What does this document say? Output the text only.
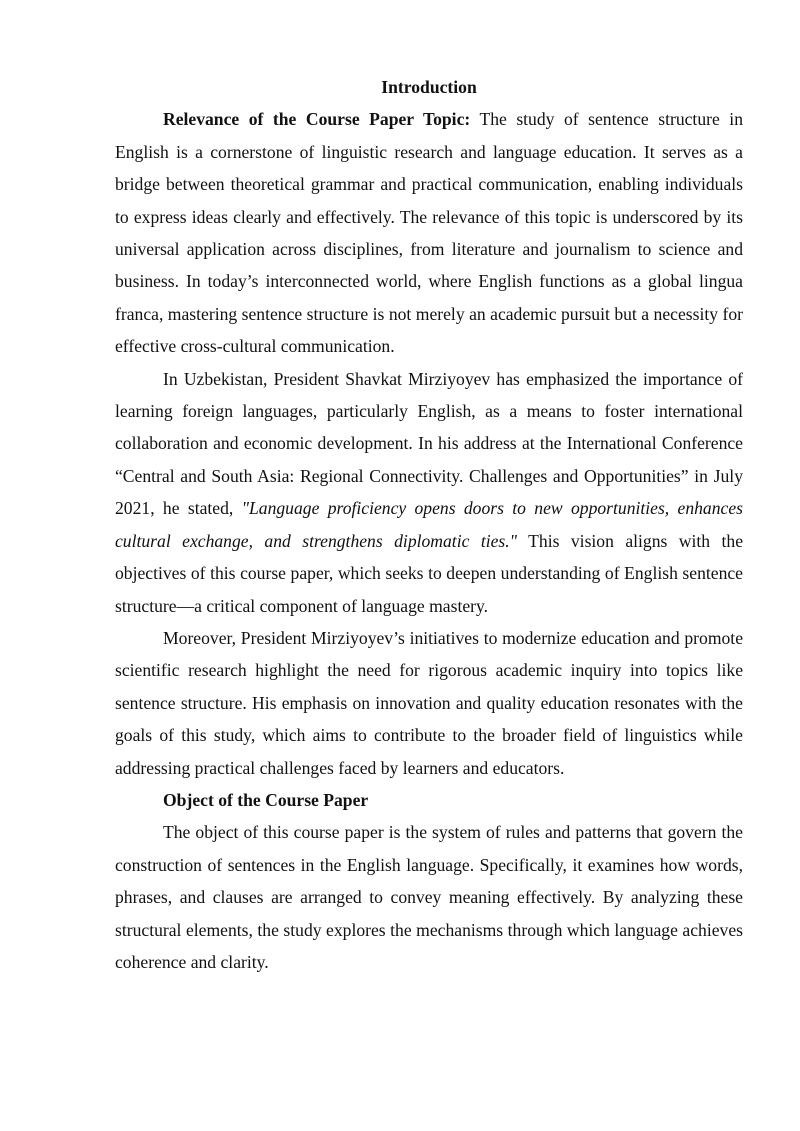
Introduction

Relevance of the Course Paper Topic: The study of sentence structure in English is a cornerstone of linguistic research and language education. It serves as a bridge between theoretical grammar and practical communication, enabling individuals to express ideas clearly and effectively. The relevance of this topic is underscored by its universal application across disciplines, from literature and journalism to science and business. In today’s interconnected world, where English functions as a global lingua franca, mastering sentence structure is not merely an academic pursuit but a necessity for effective cross-cultural communication.

In Uzbekistan, President Shavkat Mirziyoyev has emphasized the importance of learning foreign languages, particularly English, as a means to foster international collaboration and economic development. In his address at the International Conference “Central and South Asia: Regional Connectivity. Challenges and Opportunities” in July 2021, he stated, "Language proficiency opens doors to new opportunities, enhances cultural exchange, and strengthens diplomatic ties." This vision aligns with the objectives of this course paper, which seeks to deepen understanding of English sentence structure—a critical component of language mastery.

Moreover, President Mirziyoyev’s initiatives to modernize education and promote scientific research highlight the need for rigorous academic inquiry into topics like sentence structure. His emphasis on innovation and quality education resonates with the goals of this study, which aims to contribute to the broader field of linguistics while addressing practical challenges faced by learners and educators.

Object of the Course Paper

The object of this course paper is the system of rules and patterns that govern the construction of sentences in the English language. Specifically, it examines how words, phrases, and clauses are arranged to convey meaning effectively. By analyzing these structural elements, the study explores the mechanisms through which language achieves coherence and clarity.
